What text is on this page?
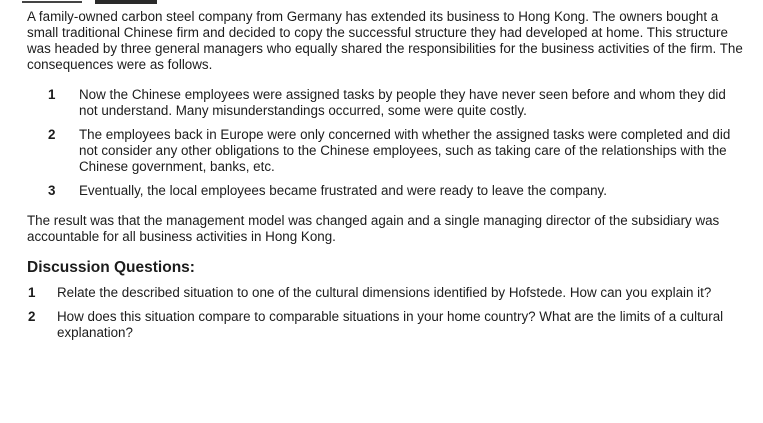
A family-owned carbon steel company from Germany has extended its business to Hong Kong. The owners bought a small traditional Chinese firm and decided to copy the successful structure they had developed at home. This structure was headed by three general managers who equally shared the responsibilities for the business activities of the firm. The consequences were as follows.

1 Now the Chinese employees were assigned tasks by people they have never seen before and whom they did not understand. Many misunderstandings occurred, some were quite costly.
2 The employees back in Europe were only concerned with whether the assigned tasks were completed and did not consider any other obligations to the Chinese employees, such as taking care of the relationships with the Chinese government, banks, etc.
3 Eventually, the local employees became frustrated and were ready to leave the company.

The result was that the management model was changed again and a single managing director of the subsidiary was accountable for all business activities in Hong Kong.

Discussion Questions:
1 Relate the described situation to one of the cultural dimensions identified by Hofstede. How can you explain it?
2 How does this situation compare to comparable situations in your home country? What are the limits of a cultural explanation?
